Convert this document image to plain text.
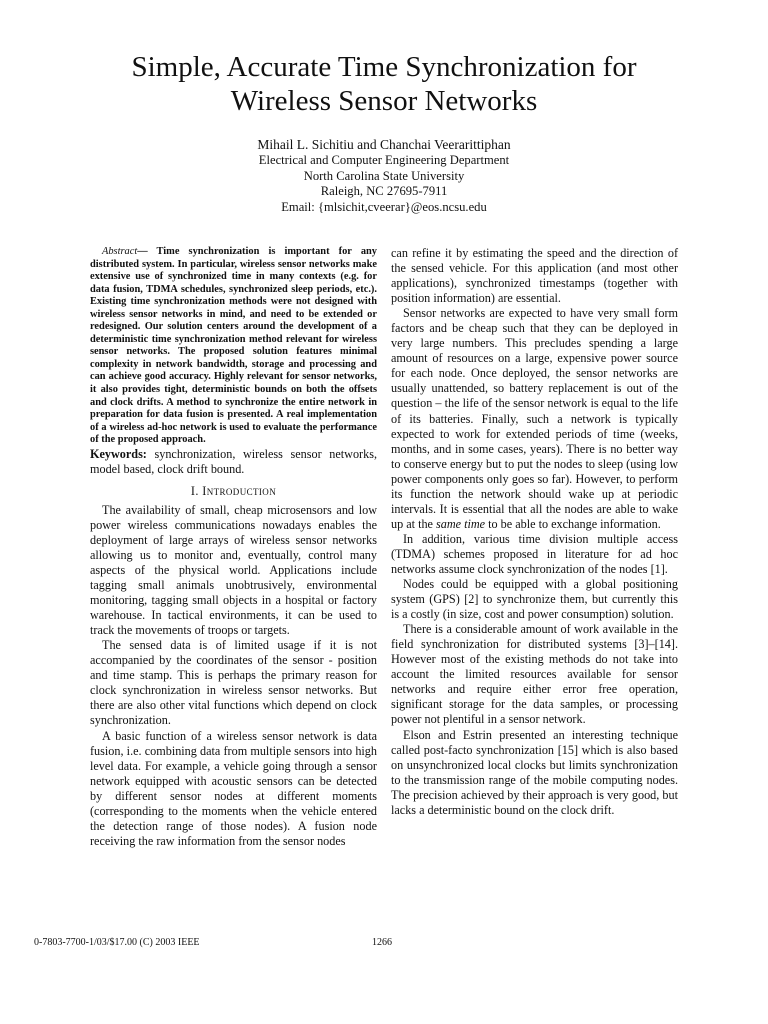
Simple, Accurate Time Synchronization for
Wireless Sensor Networks
Mihail L. Sichitiu and Chanchai Veerarittiphan
Electrical and Computer Engineering Department
North Carolina State University
Raleigh, NC 27695-7911
Email: {mlsichit,cveerar}@eos.ncsu.edu

Abstract— Time synchronization is important for any distributed system. In particular, wireless sensor networks make extensive use of synchronized time in many contexts (e.g. for data fusion, TDMA schedules, synchronized sleep periods, etc.). Existing time synchronization methods were not designed with wireless sensor networks in mind, and need to be extended or redesigned. Our solution centers around the development of a deterministic time synchronization method relevant for wireless sensor networks. The proposed solution features minimal complexity in network bandwidth, storage and processing and can achieve good accuracy. Highly relevant for sensor networks, it also provides tight, deterministic bounds on both the offsets and clock drifts. A method to synchronize the entire network in preparation for data fusion is presented. A real implementation of a wireless ad-hoc network is used to evaluate the performance of the proposed approach.

Keywords: synchronization, wireless sensor networks, model based, clock drift bound.

I. Introduction

The availability of small, cheap microsensors and low power wireless communications nowadays enables the deployment of large arrays of wireless sensor networks allowing us to monitor and, eventually, control many aspects of the physical world. Applications include tagging small animals unobtrusively, environmental monitoring, tagging small objects in a hospital or factory warehouse. In tactical environments, it can be used to track the movements of troops or targets.

The sensed data is of limited usage if it is not accompanied by the coordinates of the sensor - position and time stamp. This is perhaps the primary reason for clock synchronization in wireless sensor networks. But there are also other vital functions which depend on clock synchronization.

A basic function of a wireless sensor network is data fusion, i.e. combining data from multiple sensors into high level data. For example, a vehicle going through a sensor network equipped with acoustic sensors can be detected by different sensor nodes at different moments (corresponding to the moments when the vehicle entered the detection range of those nodes). A fusion node receiving the raw information from the sensor nodes

can refine it by estimating the speed and the direction of the sensed vehicle. For this application (and most other applications), synchronized timestamps (together with position information) are essential.

Sensor networks are expected to have very small form factors and be cheap such that they can be deployed in very large numbers. This precludes spending a large amount of resources on a large, expensive power source for each node. Once deployed, the sensor networks are usually unattended, so battery replacement is out of the question – the life of the sensor network is equal to the life of its batteries. Finally, such a network is typically expected to work for extended periods of time (weeks, months, and in some cases, years). There is no better way to conserve energy but to put the nodes to sleep (using low power components only goes so far). However, to perform its function the network should wake up at periodic intervals. It is essential that all the nodes are able to wake up at the same time to be able to exchange information.

In addition, various time division multiple access (TDMA) schemes proposed in literature for ad hoc networks assume clock synchronization of the nodes [1].

Nodes could be equipped with a global positioning system (GPS) [2] to synchronize them, but currently this is a costly (in size, cost and power consumption) solution.

There is a considerable amount of work available in the field synchronization for distributed systems [3]–[14]. However most of the existing methods do not take into account the limited resources available for sensor networks and require either error free operation, significant storage for the data samples, or processing power not plentiful in a sensor network.

Elson and Estrin presented an interesting technique called post-facto synchronization [15] which is also based on unsynchronized local clocks but limits synchronization to the transmission range of the mobile computing nodes. The precision achieved by their approach is very good, but lacks a deterministic bound on the clock drift.

0-7803-7700-1/03/$17.00 (C) 2003 IEEE	1266
